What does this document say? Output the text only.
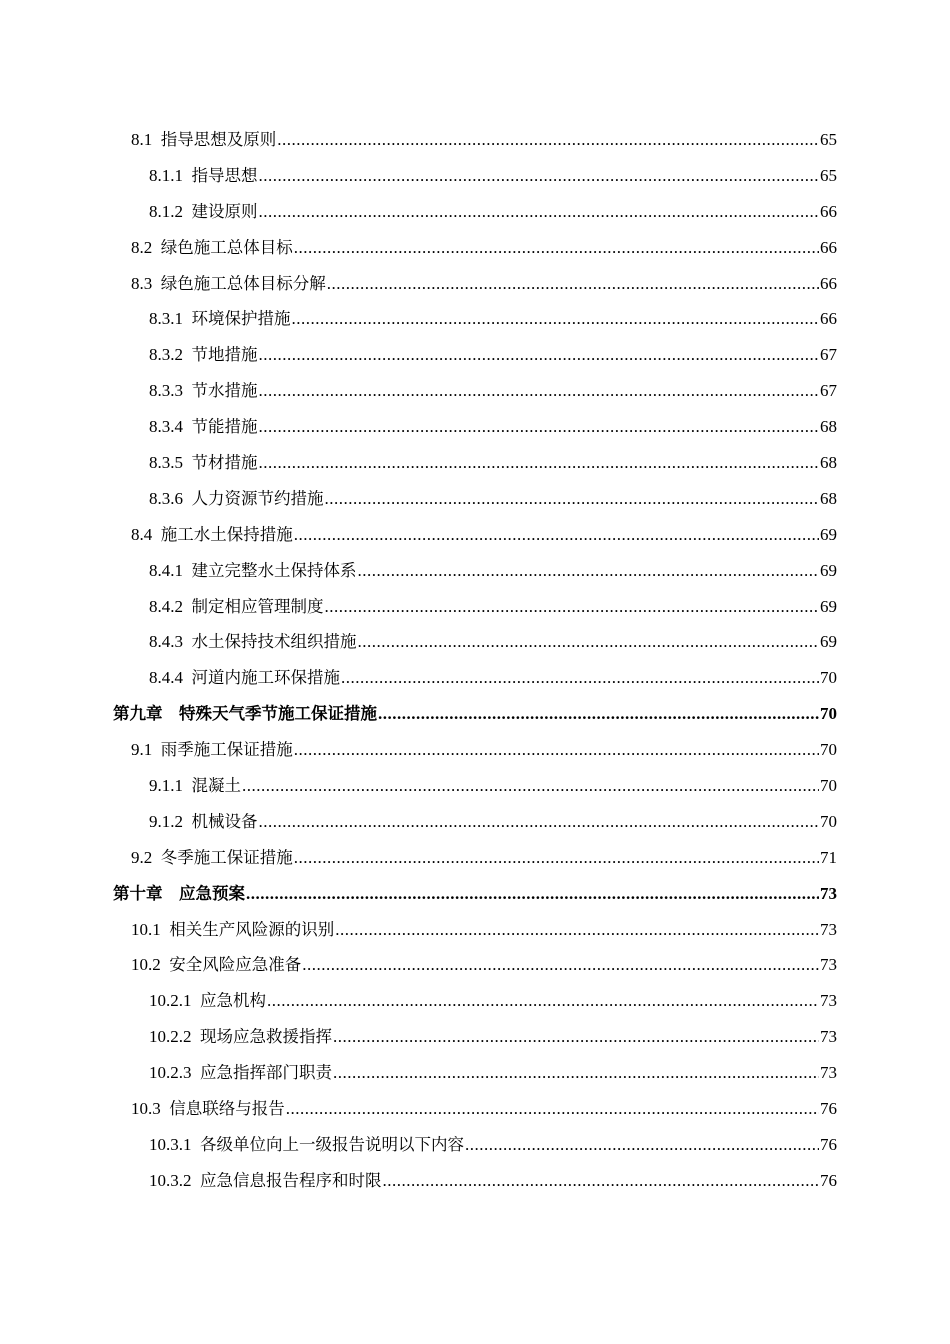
8.1 指导思想及原则 .....	65
8.1.1 指导思想 .....	65
8.1.2 建设原则 .....	66
8.2 绿色施工总体目标 .....	66
8.3 绿色施工总体目标分解 .....	66
8.3.1 环境保护措施 .....	66
8.3.2 节地措施 .....	67
8.3.3 节水措施 .....	67
8.3.4 节能措施 .....	68
8.3.5 节材措施 .....	68
8.3.6 人力资源节约措施 .....	68
8.4 施工水土保持措施 .....	69
8.4.1 建立完整水土保持体系 .....	69
8.4.2 制定相应管理制度 .....	69
8.4.3 水土保持技术组织措施 .....	69
8.4.4 河道内施工环保措施 .....	70
第九章　特殊天气季节施工保证措施 .....	70
9.1 雨季施工保证措施 .....	70
9.1.1 混凝土 .....	70
9.1.2 机械设备 .....	70
9.2 冬季施工保证措施 .....	71
第十章　应急预案 .....	73
10.1 相关生产风险源的识别 .....	73
10.2 安全风险应急准备 .....	73
10.2.1 应急机构 .....	73
10.2.2 现场应急救援指挥 .....	73
10.2.3 应急指挥部门职责 .....	73
10.3 信息联络与报告 .....	76
10.3.1 各级单位向上一级报告说明以下内容 .....	76
10.3.2 应急信息报告程序和时限 .....	76
